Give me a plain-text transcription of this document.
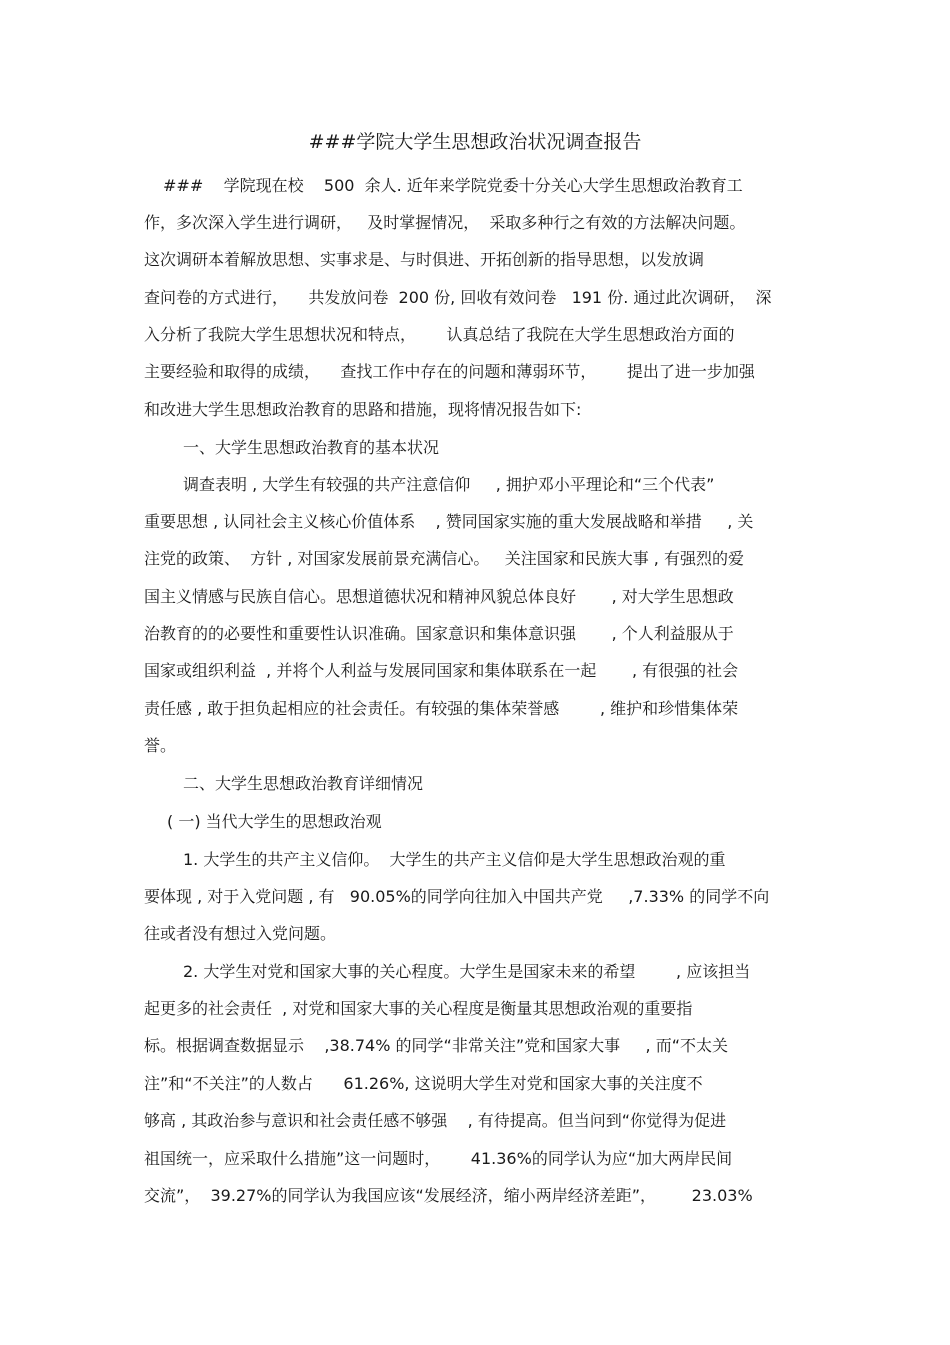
###学院大学生思想政治状况调查报告
###    学院现在校    500  余人. 近年来学院党委十分关心大学生思想政治教育工
作，多次深入学生进行调研，   及时掌握情况，  采取多种行之有效的方法解决问题。
这次调研本着解放思想、实事求是、与时俱进、开拓创新的指导思想，以发放调
查问卷的方式进行，    共发放问卷  200 份, 回收有效问卷   191 份. 通过此次调研，  深
入分析了我院大学生思想状况和特点，      认真总结了我院在大学生思想政治方面的
主要经验和取得的成绩，    查找工作中存在的问题和薄弱环节，      提出了进一步加强
和改进大学生思想政治教育的思路和措施，现将情况报告如下:
一、大学生思想政治教育的基本状况
调查表明 , 大学生有较强的共产注意信仰     , 拥护邓小平理论和“三个代表”
重要思想 , 认同社会主义核心价值体系    , 赞同国家实施的重大发展战略和举措     , 关
注党的政策、  方针 , 对国家发展前景充满信心。   关注国家和民族大事 , 有强烈的爱
国主义情感与民族自信心。思想道德状况和精神风貌总体良好       , 对大学生思想政
治教育的的必要性和重要性认识准确。国家意识和集体意识强       , 个人利益服从于
国家或组织利益  , 并将个人利益与发展同国家和集体联系在一起       , 有很强的社会
责任感 , 敢于担负起相应的社会责任。有较强的集体荣誉感        , 维护和珍惜集体荣
誉。
二、大学生思想政治教育详细情况
( 一) 当代大学生的思想政治观
1. 大学生的共产主义信仰。  大学生的共产主义信仰是大学生思想政治观的重
要体现 , 对于入党问题 , 有   90.05%的同学向往加入中国共产党     ,7.33% 的同学不向
往或者没有想过入党问题。
2. 大学生对党和国家大事的关心程度。大学生是国家未来的希望        , 应该担当
起更多的社会责任  , 对党和国家大事的关心程度是衡量其思想政治观的重要指
标。根据调查数据显示    ,38.74% 的同学“非常关注”党和国家大事     , 而“不太关
注”和“不关注”的人数占      61.26%, 这说明大学生对党和国家大事的关注度不
够高 , 其政治参与意识和社会责任感不够强    , 有待提高。但当问到“你觉得为促进
祖国统一，应采取什么措施”这一问题时，      41.36%的同学认为应“加大两岸民间
交流”，  39.27%的同学认为我国应该“发展经济，缩小两岸经济差距”，       23.03%
